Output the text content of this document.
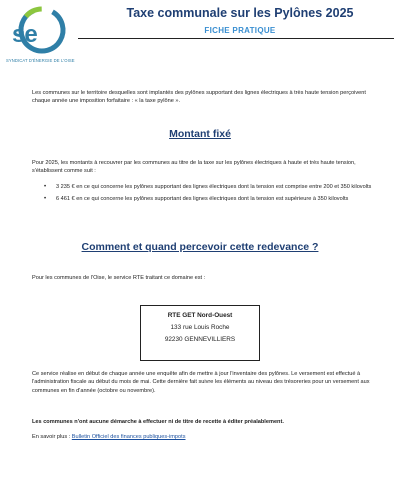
se
SYNDICAT D'ÉNERGIE DE L'OISE
Taxe communale sur les Pylônes 2025
FICHE PRATIQUE
Les communes sur le territoire desquelles sont implantés des pylônes supportant des lignes électriques à très haute tension perçoivent chaque année une imposition forfaitaire : « la taxe pylône ».
Montant fixé
Pour 2025, les montants à recouvrer par les communes au titre de la taxe sur les pylônes électriques à haute et très haute tension, s'établissent comme suit :
• 3 235 € en ce qui concerne les pylônes supportant des lignes électriques dont la tension est comprise entre 200 et 350 kilovolts
• 6 461 € en ce qui concerne les pylônes supportant des lignes électriques dont la tension est supérieure à 350 kilovolts
Comment et quand percevoir cette redevance ?
Pour les communes de l'Oise, le service RTE traitant ce domaine est :
RTE GET Nord-Ouest
133 rue Louis Roche
92230 GENNEVILLIERS
Ce service réalise en début de chaque année une enquête afin de mettre à jour l'inventaire des pylônes. Le versement est effectué à l'administration fiscale au début du mois de mai. Cette dernière fait suivre les éléments au niveau des trésoreries pour un versement aux communes en fin d'année (octobre ou novembre).
Les communes n'ont aucune démarche à effectuer ni de titre de recette à éditer préalablement.
En savoir plus : Bulletin Officiel des finances publiques-impots
